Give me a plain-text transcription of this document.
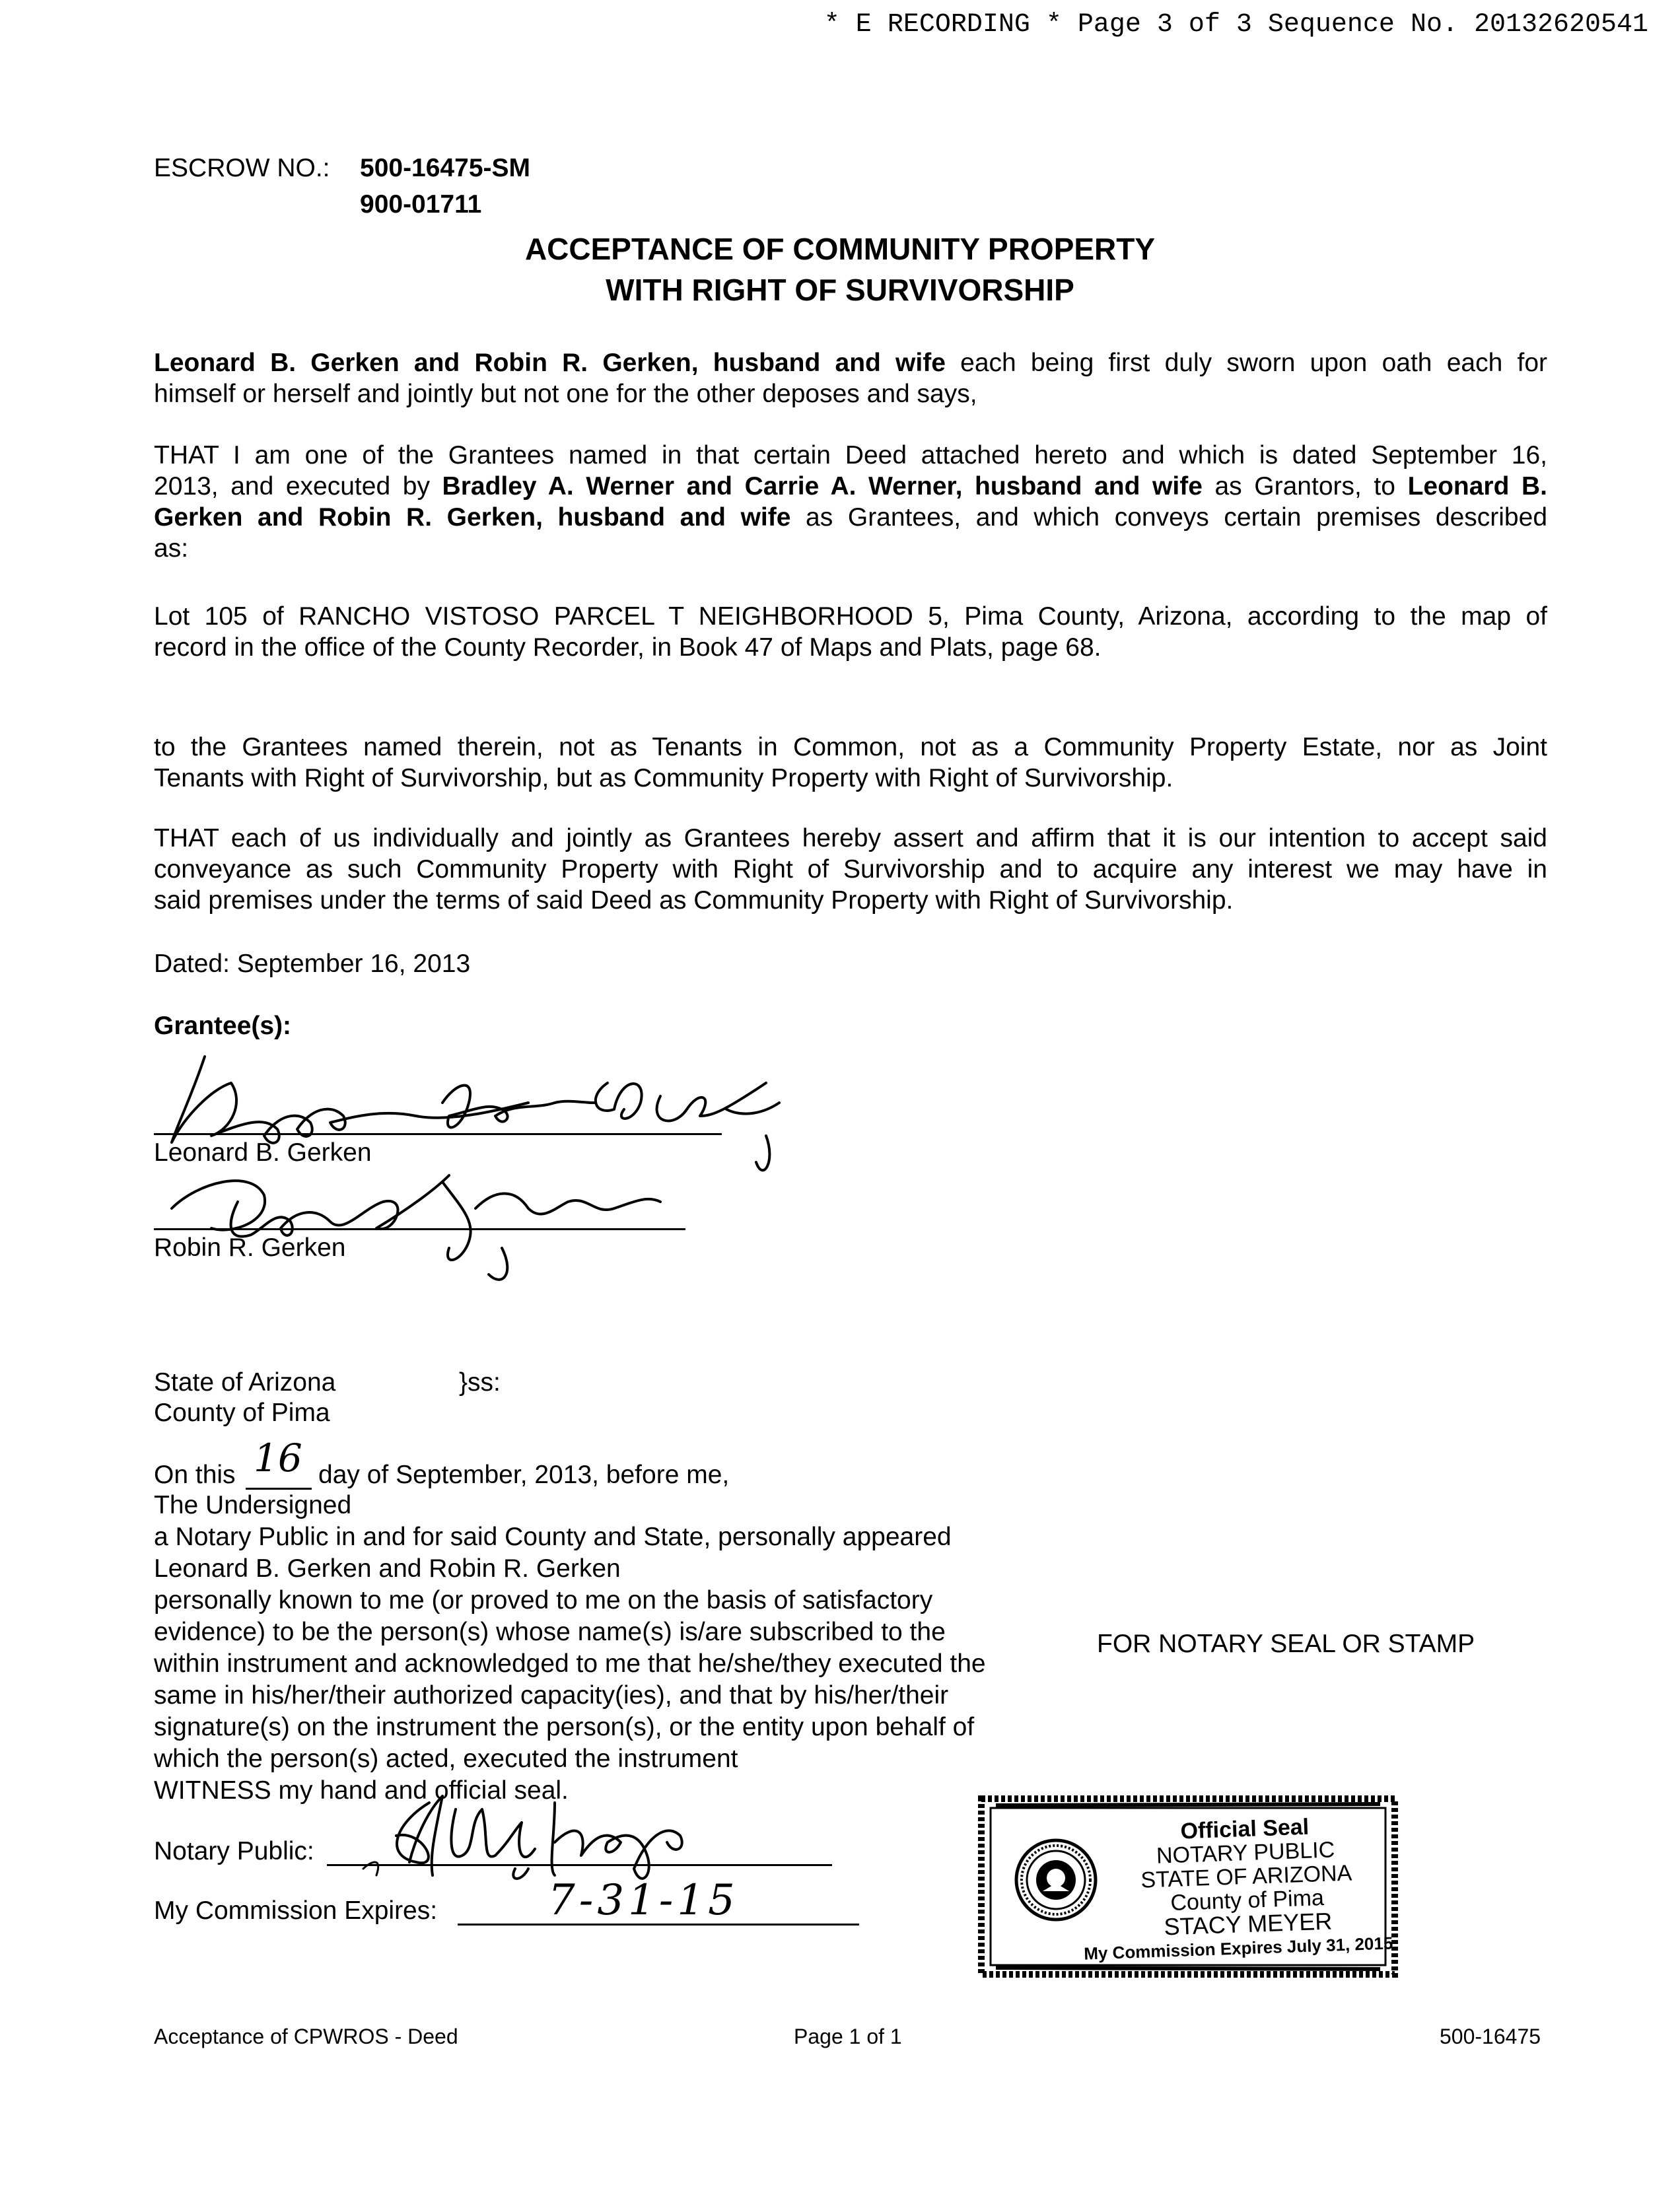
* E RECORDING * Page 3 of 3 Sequence No. 20132620541
ESCROW NO.: 500-16475-SM
900-01711
ACCEPTANCE OF COMMUNITY PROPERTY
WITH RIGHT OF SURVIVORSHIP
Leonard B. Gerken and Robin R. Gerken, husband and wife each being first duly sworn upon oath each for
himself or herself and jointly but not one for the other deposes and says,
THAT I am one of the Grantees named in that certain Deed attached hereto and which is dated September 16,
2013, and executed by Bradley A. Werner and Carrie A. Werner, husband and wife as Grantors, to Leonard B.
Gerken and Robin R. Gerken, husband and wife as Grantees, and which conveys certain premises described
as:
Lot 105 of RANCHO VISTOSO PARCEL T NEIGHBORHOOD 5, Pima County, Arizona, according to the map of
record in the office of the County Recorder, in Book 47 of Maps and Plats, page 68.
to the Grantees named therein, not as Tenants in Common, not as a Community Property Estate, nor as Joint
Tenants with Right of Survivorship, but as Community Property with Right of Survivorship.
THAT each of us individually and jointly as Grantees hereby assert and affirm that it is our intention to accept said
conveyance as such Community Property with Right of Survivorship and to acquire any interest we may have in
said premises under the terms of said Deed as Community Property with Right of Survivorship.
Dated: September 16, 2013
Grantee(s):
Leonard B. Gerken
Robin R. Gerken
State of Arizona	}ss:
County of Pima
On this 16 day of September, 2013, before me,
The Undersigned
a Notary Public in and for said County and State, personally appeared
Leonard B. Gerken and Robin R. Gerken
personally known to me (or proved to me on the basis of satisfactory
evidence) to be the person(s) whose name(s) is/are subscribed to the
within instrument and acknowledged to me that he/she/they executed the
same in his/her/their authorized capacity(ies), and that by his/her/their
signature(s) on the instrument the person(s), or the entity upon behalf of
which the person(s) acted, executed the instrument
WITNESS my hand and official seal.
FOR NOTARY SEAL OR STAMP
Notary Public:
My Commission Expires:	7-31-15
Official Seal
NOTARY PUBLIC
STATE OF ARIZONA
County of Pima
STACY MEYER
My Commission Expires July 31, 2015
Acceptance of CPWROS - Deed	Page 1 of 1	500-16475
